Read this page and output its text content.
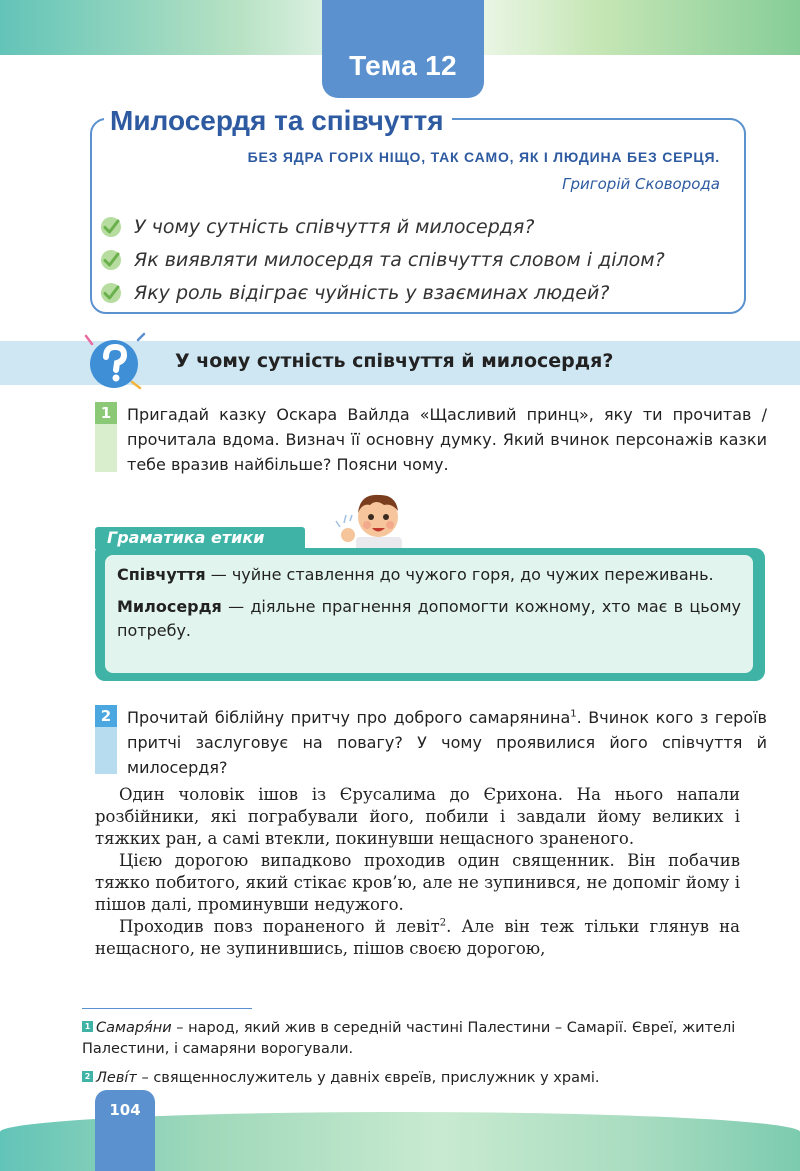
Тема 12
Милосердя та співчуття
БЕЗ ЯДРА ГОРІХ НІЩО, ТАК САМО, ЯК І ЛЮДИНА БЕЗ СЕРЦЯ.
Григорій Сковорода
У чому сутність співчуття й милосердя?
Як виявляти милосердя та співчуття словом і ділом?
Яку роль відіграє чуйність у взаєминах людей?
У чому сутність співчуття й милосердя?
1 Пригадай казку Оскара Вайлда «Щасливий принц», яку ти прочитав / прочитала вдома. Визнач її основну думку. Який вчинок персонажів казки тебе вразив найбільше? Поясни чому.
Граматика етики

Співчуття — чуйне ставлення до чужого горя, до чужих переживань.

Милосердя — діяльне прагнення допомогти кожному, хто має в цьому потребу.

2 Прочитай біблійну притчу про доброго самарянина$^1$. Вчинок кого з героїв притчі заслуговує на повагу? У чому проявилися його співчуття й милосердя?

Один чоловік ішов із Єрусалима до Єрихона. На нього напали розбійники, які пограбували його, побили і завдали йому великих і тяжких ран, а самі втекли, покинувши нещасного зраненого.

Цією дорогою випадково проходив один священник. Він побачив тяжко побитого, який стікає кров’ю, але не зупинився, не допоміг йому і пішов далі, проминувши недужого.

Проходив повз пораненого й левіт$^2$. Але він теж тільки глянув на нещасного, не зупинившись, пішов своєю дорогою,

1 Самаря́ни – народ, який жив в середній частині Палестини – Самарії. Євреї, жителі Палестини, і самаряни ворогували.
2 Леві́т – священнослужитель у давніх євреїв, прислужник у храмі.
104
